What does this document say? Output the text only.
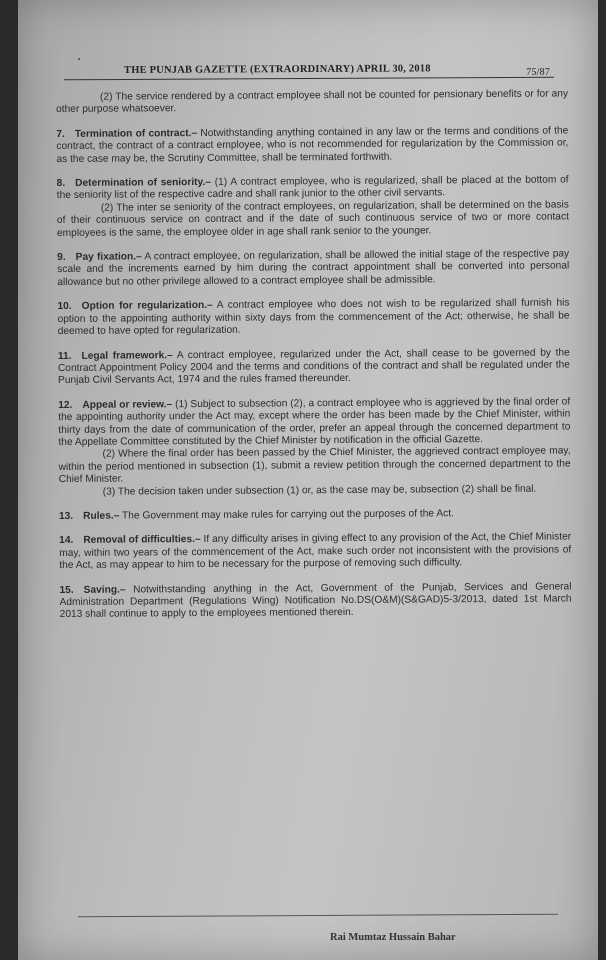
THE PUNJAB GAZETTE (EXTRAORDINARY) APRIL 30, 2018	75/87

(2) The service rendered by a contract employee shall not be counted for pensionary benefits or for any other purpose whatsoever.

7. Termination of contract.– Notwithstanding anything contained in any law or the terms and conditions of the contract, the contract of a contract employee, who is not recommended for regularization by the Commission or, as the case may be, the Scrutiny Committee, shall be terminated forthwith.

8. Determination of seniority.– (1) A contract employee, who is regularized, shall be placed at the bottom of the seniority list of the respective cadre and shall rank junior to the other civil servants.

(2) The inter se seniority of the contract employees, on regularization, shall be determined on the basis of their continuous service on contract and if the date of such continuous service of two or more contact employees is the same, the employee older in age shall rank senior to the younger.

9. Pay fixation.– A contract employee, on regularization, shall be allowed the initial stage of the respective pay scale and the increments earned by him during the contract appointment shall be converted into personal allowance but no other privilege allowed to a contract employee shall be admissible.

10. Option for regularization.– A contract employee who does not wish to be regularized shall furnish his option to the appointing authority within sixty days from the commencement of the Act; otherwise, he shall be deemed to have opted for regularization.

11. Legal framework.– A contract employee, regularized under the Act, shall cease to be governed by the Contract Appointment Policy 2004 and the terms and conditions of the contract and shall be regulated under the Punjab Civil Servants Act, 1974 and the rules framed thereunder.

12. Appeal or review.– (1) Subject to subsection (2), a contract employee who is aggrieved by the final order of the appointing authority under the Act may, except where the order has been made by the Chief Minister, within thirty days from the date of communication of the order, prefer an appeal through the concerned department to the Appellate Committee constituted by the Chief Minister by notification in the official Gazette.

(2) Where the final order has been passed by the Chief Minister, the aggrieved contract employee may, within the period mentioned in subsection (1), submit a review petition through the concerned department to the Chief Minister.

(3) The decision taken under subsection (1) or, as the case may be, subsection (2) shall be final.

13. Rules.– The Government may make rules for carrying out the purposes of the Act.

14. Removal of difficulties.– If any difficulty arises in giving effect to any provision of the Act, the Chief Minister may, within two years of the commencement of the Act, make such order not inconsistent with the provisions of the Act, as may appear to him to be necessary for the purpose of removing such difficulty.

15. Saving.– Notwithstanding anything in the Act, Government of the Punjab, Services and General Administration Department (Regulations Wing) Notification No.DS(O&M)(S&GAD)5-3/2013, dated 1st March 2013 shall continue to apply to the employees mentioned therein.

Rai Mumtaz Hussain Bahar
